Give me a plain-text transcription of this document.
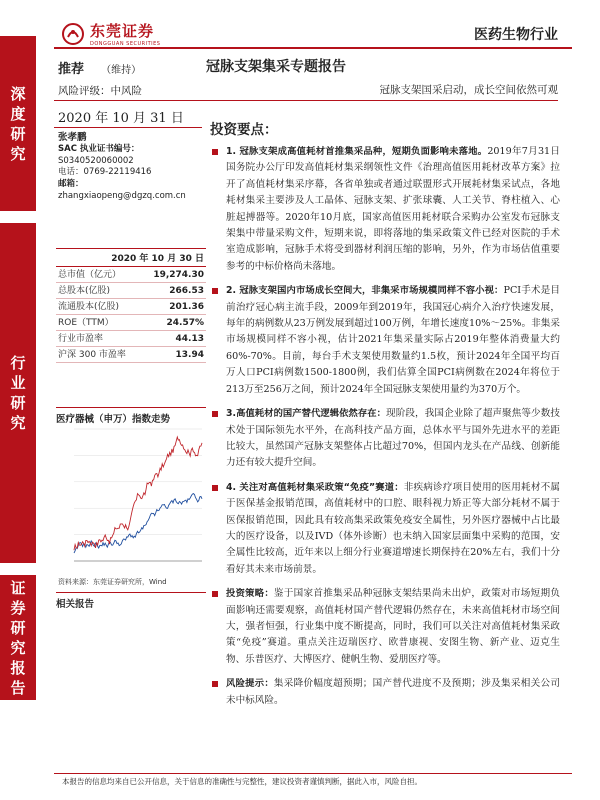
深度研究
行业研究
证券研究报告
东莞证券
DONGGUAN SECURITIES
医药生物行业
推荐 （维持）	冠脉支架集采专题报告
风险评级：中风险	冠脉支架国采启动，成长空间依然可观
2020 年 10 月 31 日
张孝鹏
SAC 执业证书编号：
S0340520060002
电话：0769-22119416
邮箱：
zhangxiaopeng@dgzq.com.cn
2020 年 10 月 30 日	
总市值（亿元）	19,274.30
总股本(亿股)	266.53
流通股本(亿股)	201.36
ROE（TTM）	24.57%
行业市盈率	44.13
沪深 300 市盈率	13.94
医疗器械（申万）指数走势
资料来源：东莞证券研究所，Wind
相关报告
投资要点：
1. 冠脉支架成高值耗材首推集采品种，短期负面影响未落地。2019年7月31日国务院办公厅印发高值耗材集采纲领性文件《治理高值医用耗材改革方案》拉开了高值耗材集采序幕，各省单独或者通过联盟形式开展耗材集采试点，各地耗材集采主要涉及人工晶体、冠脉支架、扩张球囊、人工关节、脊柱植入、心脏起搏器等。2020年10月底，国家高值医用耗材联合采购办公室发布冠脉支架集中带量采购文件，短期来说，即将落地的集采政策文件已经对医院的手术室造成影响，冠脉手术将受到器材利润压缩的影响，另外，作为市场估值重要参考的中标价格尚未落地。
2. 冠脉支架国内市场成长空间大，非集采市场规模同样不容小视：PCI手术是目前治疗冠心病主流手段，2009年到2019年，我国冠心病介入治疗快速发展，每年的病例数从23万例发展到超过100万例，年增长速度10%～25%。非集采市场规模同样不容小视，估计2021年集采量实际占2019年整体消费量大约60%-70%。目前，每台手术支架使用数量约1.5枚，预计2024年全国平均百万人口PCI病例数1500-1800例，我们估算全国PCI病例数在2024年将位于213万至256万之间，预计2024年全国冠脉支架使用量约为370万个。
3.高值耗材的国产替代逻辑依然存在：现阶段，我国企业除了超声聚焦等少数技术处于国际领先水平外，在高科技产品方面，总体水平与国外先进水平的差距比较大，虽然国产冠脉支架整体占比超过70%，但国内龙头在产品线、创新能力还有较大提升空间。
4. 关注对高值耗材集采政策“免疫”赛道：非疾病诊疗项目使用的医用耗材不属于医保基金报销范围，高值耗材中的口腔、眼科视力矫正等大部分耗材不属于医保报销范围，因此具有较高集采政策免疫安全属性，另外医疗器械中占比最大的医疗设备，以及IVD（体外诊断）也未纳入国家层面集中采购的范围，安全属性比较高，近年来以上细分行业赛道增速长期保持在20%左右，我们十分看好其未来市场前景。
投资策略：鉴于国家首推集采品种冠脉支架结果尚未出炉，政策对市场短期负面影响还需要观察，高值耗材国产替代逻辑仍然存在，未来高值耗材市场空间大，强者恒强，行业集中度不断提高，同时，我们可以关注对高值耗材集采政策“免疫”赛道。重点关注迈瑞医疗、欧普康视、安图生物、新产业、迈克生物、乐普医疗、大博医疗、健帆生物、爱朋医疗等。
风险提示：集采降价幅度超预期；国产替代进度不及预期；涉及集采相关公司未中标风险。
本报告的信息均来自已公开信息，关于信息的准确性与完整性，建议投资者谨慎判断，据此入市，风险自担。
